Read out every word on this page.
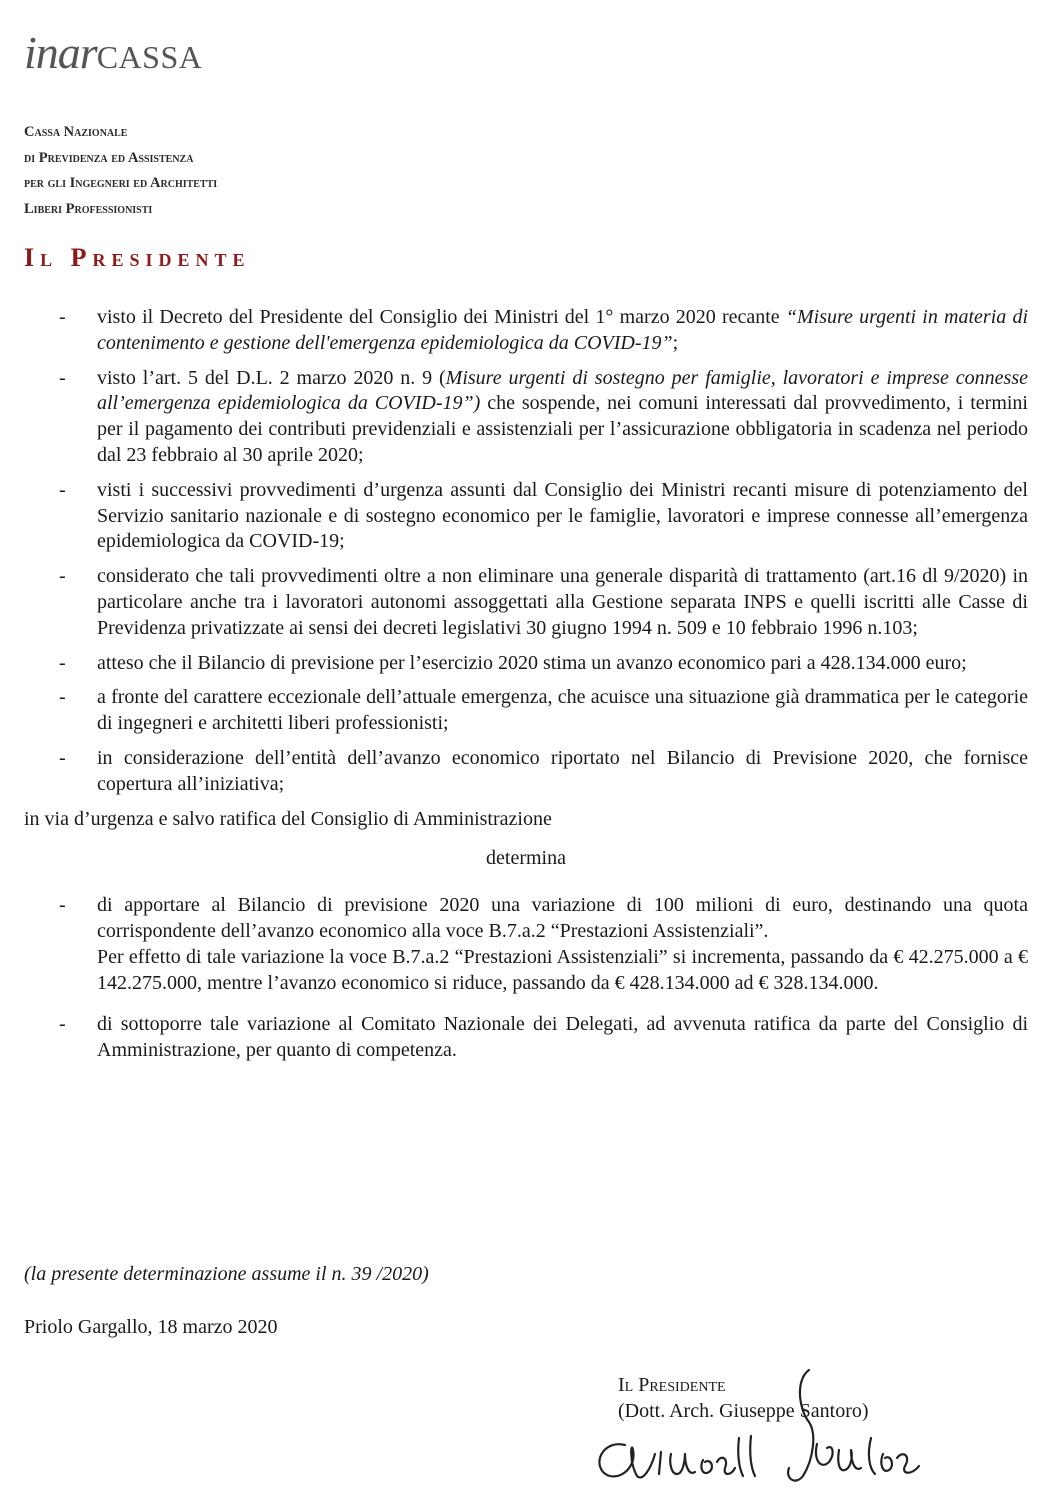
inarCASSA
Cassa Nazionale
di Previdenza ed Assistenza
per gli Ingegneri ed Architetti
Liberi Professionisti
Il Presidente
- visto il Decreto del Presidente del Consiglio dei Ministri del 1° marzo 2020 recante “Misure urgenti in materia di contenimento e gestione dell'emergenza epidemiologica da COVID-19”;

- visto l’art. 5 del D.L. 2 marzo 2020 n. 9 (Misure urgenti di sostegno per famiglie, lavoratori e imprese connesse all’emergenza epidemiologica da COVID-19”) che sospende, nei comuni interessati dal provvedimento, i termini per il pagamento dei contributi previdenziali e assistenziali per l’assicurazione obbligatoria in scadenza nel periodo dal 23 febbraio al 30 aprile 2020;

- visti i successivi provvedimenti d’urgenza assunti dal Consiglio dei Ministri recanti misure di potenziamento del Servizio sanitario nazionale e di sostegno economico per le famiglie, lavoratori e imprese connesse all’emergenza epidemiologica da COVID-19;

- considerato che tali provvedimenti oltre a non eliminare una generale disparità di trattamento (art.16 dl 9/2020) in particolare anche tra i lavoratori autonomi assoggettati alla Gestione separata INPS e quelli iscritti alle Casse di Previdenza privatizzate ai sensi dei decreti legislativi 30 giugno 1994 n. 509 e 10 febbraio 1996 n.103;

- atteso che il Bilancio di previsione per l’esercizio 2020 stima un avanzo economico pari a 428.134.000 euro;

- a fronte del carattere eccezionale dell’attuale emergenza, che acuisce una situazione già drammatica per le categorie di ingegneri e architetti liberi professionisti;

- in considerazione dell’entità dell’avanzo economico riportato nel Bilancio di Previsione 2020, che fornisce copertura all’iniziativa;

in via d’urgenza e salvo ratifica del Consiglio di Amministrazione

determina

- di apportare al Bilancio di previsione 2020 una variazione di 100 milioni di euro, destinando una quota corrispondente dell’avanzo economico alla voce B.7.a.2 “Prestazioni Assistenziali”.

Per effetto di tale variazione la voce B.7.a.2 “Prestazioni Assistenziali” si incrementa, passando da € 42.275.000 a € 142.275.000, mentre l’avanzo economico si riduce, passando da € 428.134.000 ad € 328.134.000.

- di sottoporre tale variazione al Comitato Nazionale dei Delegati, ad avvenuta ratifica da parte del Consiglio di Amministrazione, per quanto di competenza.

(la presente determinazione assume il n. 39 /2020)
Priolo Gargallo, 18 marzo 2020
Il Presidente
(Dott. Arch. Giuseppe Santoro)
